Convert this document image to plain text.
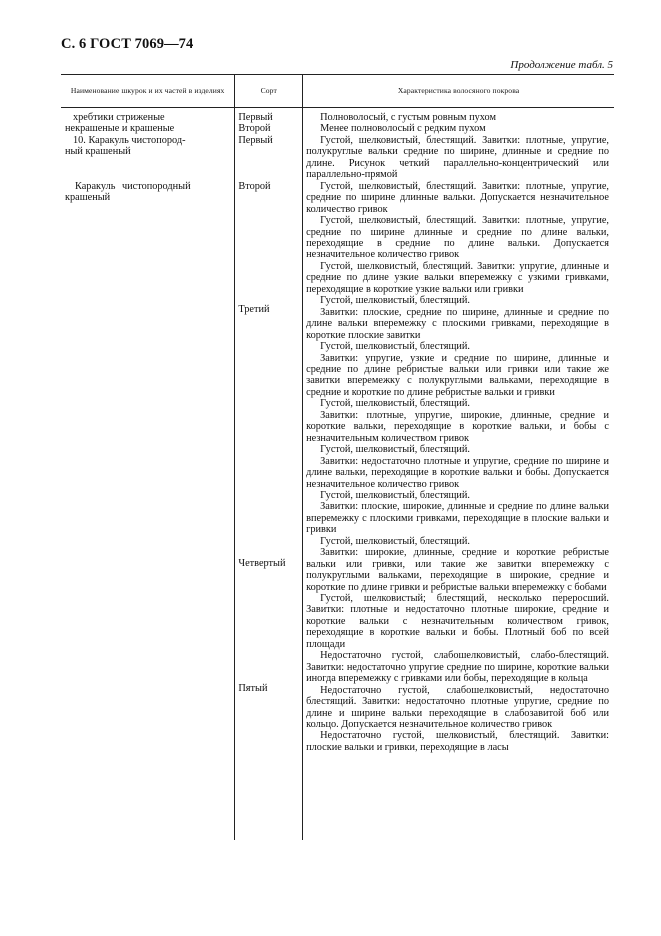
С. 6 ГОСТ 7069—74
Продолжение табл. 5
Наименование шкурок и их частей в изделиях	Сорт	Характеристика волосяного покрова
хребтики стриженые
некрашеные и крашеные
10. Каракуль чистопород-
ный крашеный
Каракуль чистопородный
крашеный
Первый
Второй
Первый
Второй
Третий
Четвертый
Пятый

Полноволосый, с густым ровным пухом

Менее полноволосый с редким пухом

Густой, шелковистый, блестящий. Завитки: плотные, упругие, полукруглые вальки средние по ширине, длинные и средние по длине. Рисунок четкий параллельно-концентрический или параллельно-прямой

Густой, шелковистый, блестящий. Завитки: плотные, упругие, средние по ширине длинные вальки. Допускается незначительное количество гривок

Густой, шелковистый, блестящий. Завитки: плотные, упругие, средние по ширине длинные и средние по длине вальки, переходящие в средние по длине вальки. Допускается незначительное количество гривок

Густой, шелковистый, блестящий. Завитки: упругие, длинные и средние по длине узкие вальки вперемежку с узкими гривками, переходящие в короткие узкие вальки или гривки

Густой, шелковистый, блестящий.

Завитки: плоские, средние по ширине, длинные и средние по длине вальки вперемежку с плоскими гривками, переходящие в короткие плоские завитки

Густой, шелковистый, блестящий.

Завитки: упругие, узкие и средние по ширине, длинные и средние по длине ребристые вальки или гривки или такие же завитки вперемежку с полукруглыми вальками, переходящие в средние и короткие по длине ребристые вальки и гривки

Густой, шелковистый, блестящий.

Завитки: плотные, упругие, широкие, длинные, средние и короткие вальки, переходящие в короткие вальки, и бобы с незначительным количеством гривок

Густой, шелковистый, блестящий.

Завитки: недостаточно плотные и упругие, средние по ширине и длине вальки, переходящие в короткие вальки и бобы. Допускается незначительное количество гривок

Густой, шелковистый, блестящий.

Завитки: плоские, широкие, длинные и средние по длине вальки вперемежку с плоскими гривками, переходящие в плоские вальки и гривки

Густой, шелковистый, блестящий.

Завитки: широкие, длинные, средние и короткие ребристые вальки или гривки, или такие же завитки вперемежку с полукруглыми вальками, переходящие в широкие, средние и короткие по длине гривки и ребристые вальки вперемежку с бобами

Густой, шелковистый; блестящий, несколько переросший. Завитки: плотные и недостаточно плотные широкие, средние и короткие вальки с незначительным количеством гривок, переходящие в короткие вальки и бобы. Плотный боб по всей площади

Недостаточно густой, слабошелковистый, слабо-блестящий. Завитки: недостаточно упругие средние по ширине, короткие вальки иногда вперемежку с гривками или бобы, переходящие в кольца

Недостаточно густой, слабошелковистый, недостаточно блестящий. Завитки: недостаточно плотные упругие, средние по длине и ширине вальки переходящие в слабозавитой боб или кольцо. Допускается незначительное количество гривок

Недостаточно густой, шелковистый, блестящий. Завитки: плоские вальки и гривки, переходящие в ласы
